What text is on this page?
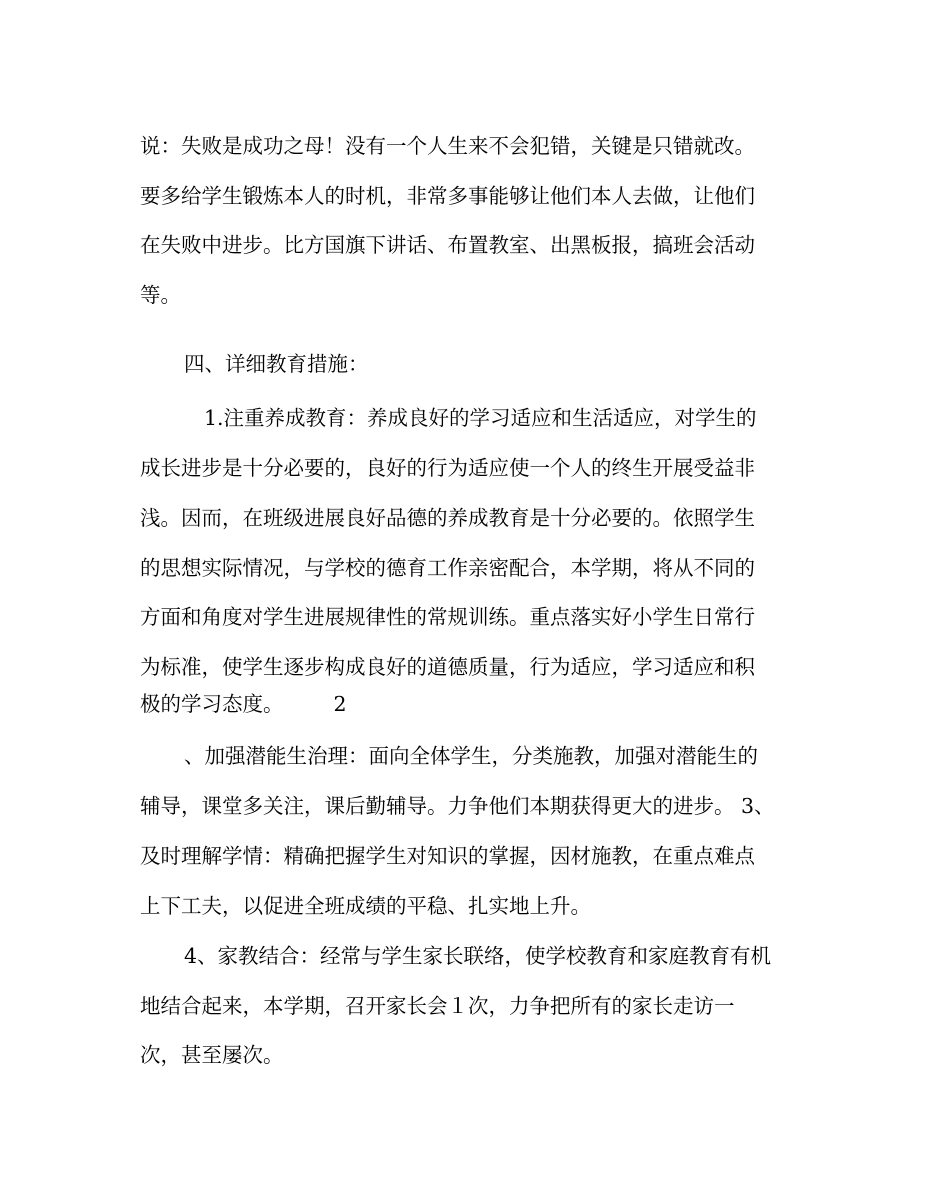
说：失败是成功之母！没有一个人生来不会犯错，关键是只错就改。
要多给学生锻炼本人的时机，非常多事能够让他们本人去做，让他们
在失败中进步。比方国旗下讲话、布置教室、出黑板报，搞班会活动
等。
四、详细教育措施：
1.注重养成教育：养成良好的学习适应和生活适应，对学生的
成长进步是十分必要的，良好的行为适应使一个人的终生开展受益非
浅。因而，在班级进展良好品德的养成教育是十分必要的。依照学生
的思想实际情况，与学校的德育工作亲密配合，本学期，将从不同的
方面和角度对学生进展规律性的常规训练。重点落实好小学生日常行
为标准，使学生逐步构成良好的道德质量，行为适应，学习适应和积
极的学习态度。 2
、加强潜能生治理：面向全体学生，分类施教，加强对潜能生的
辅导，课堂多关注，课后勤辅导。力争他们本期获得更大的进步。 3、
及时理解学情：精确把握学生对知识的掌握，因材施教，在重点难点
上下工夫，以促进全班成绩的平稳、扎实地上升。
4、家教结合：经常与学生家长联络，使学校教育和家庭教育有机
地结合起来，本学期，召开家长会１次，力争把所有的家长走访一
次，甚至屡次。
